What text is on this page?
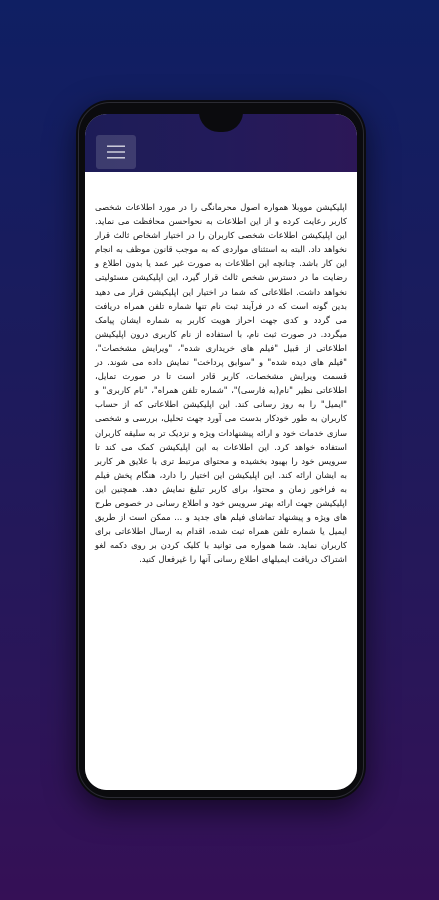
اپلیکیشن مووبلا همواره اصول محرمانگی را در مورد اطلاعات شخصی کاربر رعایت کرده و از این اطلاعات به نحواحسن محافظت می نماید. این اپلیکیشن اطلاعات شخصی کاربران را در اختیار اشخاص ثالث قرار نخواهد داد. البته به استثنای مواردی که به موجب قانون موظف به انجام این کار باشد. چنانچه این اطلاعات به صورت غیر عمد یا بدون اطلاع و رضایت ما در دسترس شخص ثالث قرار گیرد، این اپلیکیشن مسئولیتی نخواهد داشت. اطلاعاتی که شما در اختیار این اپلیکیشن قرار می دهید بدین گونه است که در فرآیند ثبت نام تنها شماره تلفن همراه دریافت می گردد و کدی جهت احراز هویت کاربر به شماره ایشان پیامک میگردد. در صورت ثبت نام، با استفاده از نام کاربری درون اپلیکیشن اطلاعاتی از قبیل "فیلم های خریداری شده"، "ویرایش مشخصات"، "فیلم های دیده شده" و "سوابق پرداخت" نمایش داده می شوند. در قسمت ویرایش مشخصات، کاربر قادر است تا در صورت تمایل، اطلاعاتی نظیر "نام(به فارسی)"، "شماره تلفن همراه"، "نام کاربری" و "ایمیل" را به روز رسانی کند. این اپلیکیشن اطلاعاتی که از حساب کاربران به طور خودکار بدست می آورد جهت تحلیل، بررسی و شخصی سازی خدمات خود و ارائه پیشنهادات ویژه و نزدیک تر به سلیقه کاربران استفاده خواهد کرد. این اطلاعات به این اپلیکیشن کمک می کند تا سرویس خود را بهبود بخشیده و محتوای مرتبط تری با علایق هر کاربر به ایشان ارائه کند. این اپلیکیشن این اختیار را دارد، هنگام پخش فیلم به فراخور زمان و محتوا، برای کاربر تبلیغ نمایش دهد. همچنین این اپلیکیشن جهت ارائه بهتر سرویس خود و اطلاع رسانی در خصوص طرح های ویژه و پیشنهاد تماشای فیلم های جدید و ... ممکن است از طریق ایمیل یا شماره تلفن همراه ثبت شده، اقدام به ارسال اطلاعاتی برای کاربران نماید. شما همواره می توانید با کلیک کردن بر روی دکمه لغو اشتراک دریافت ایمیلهای اطلاع رسانی آنها را غیرفعال کنید.
